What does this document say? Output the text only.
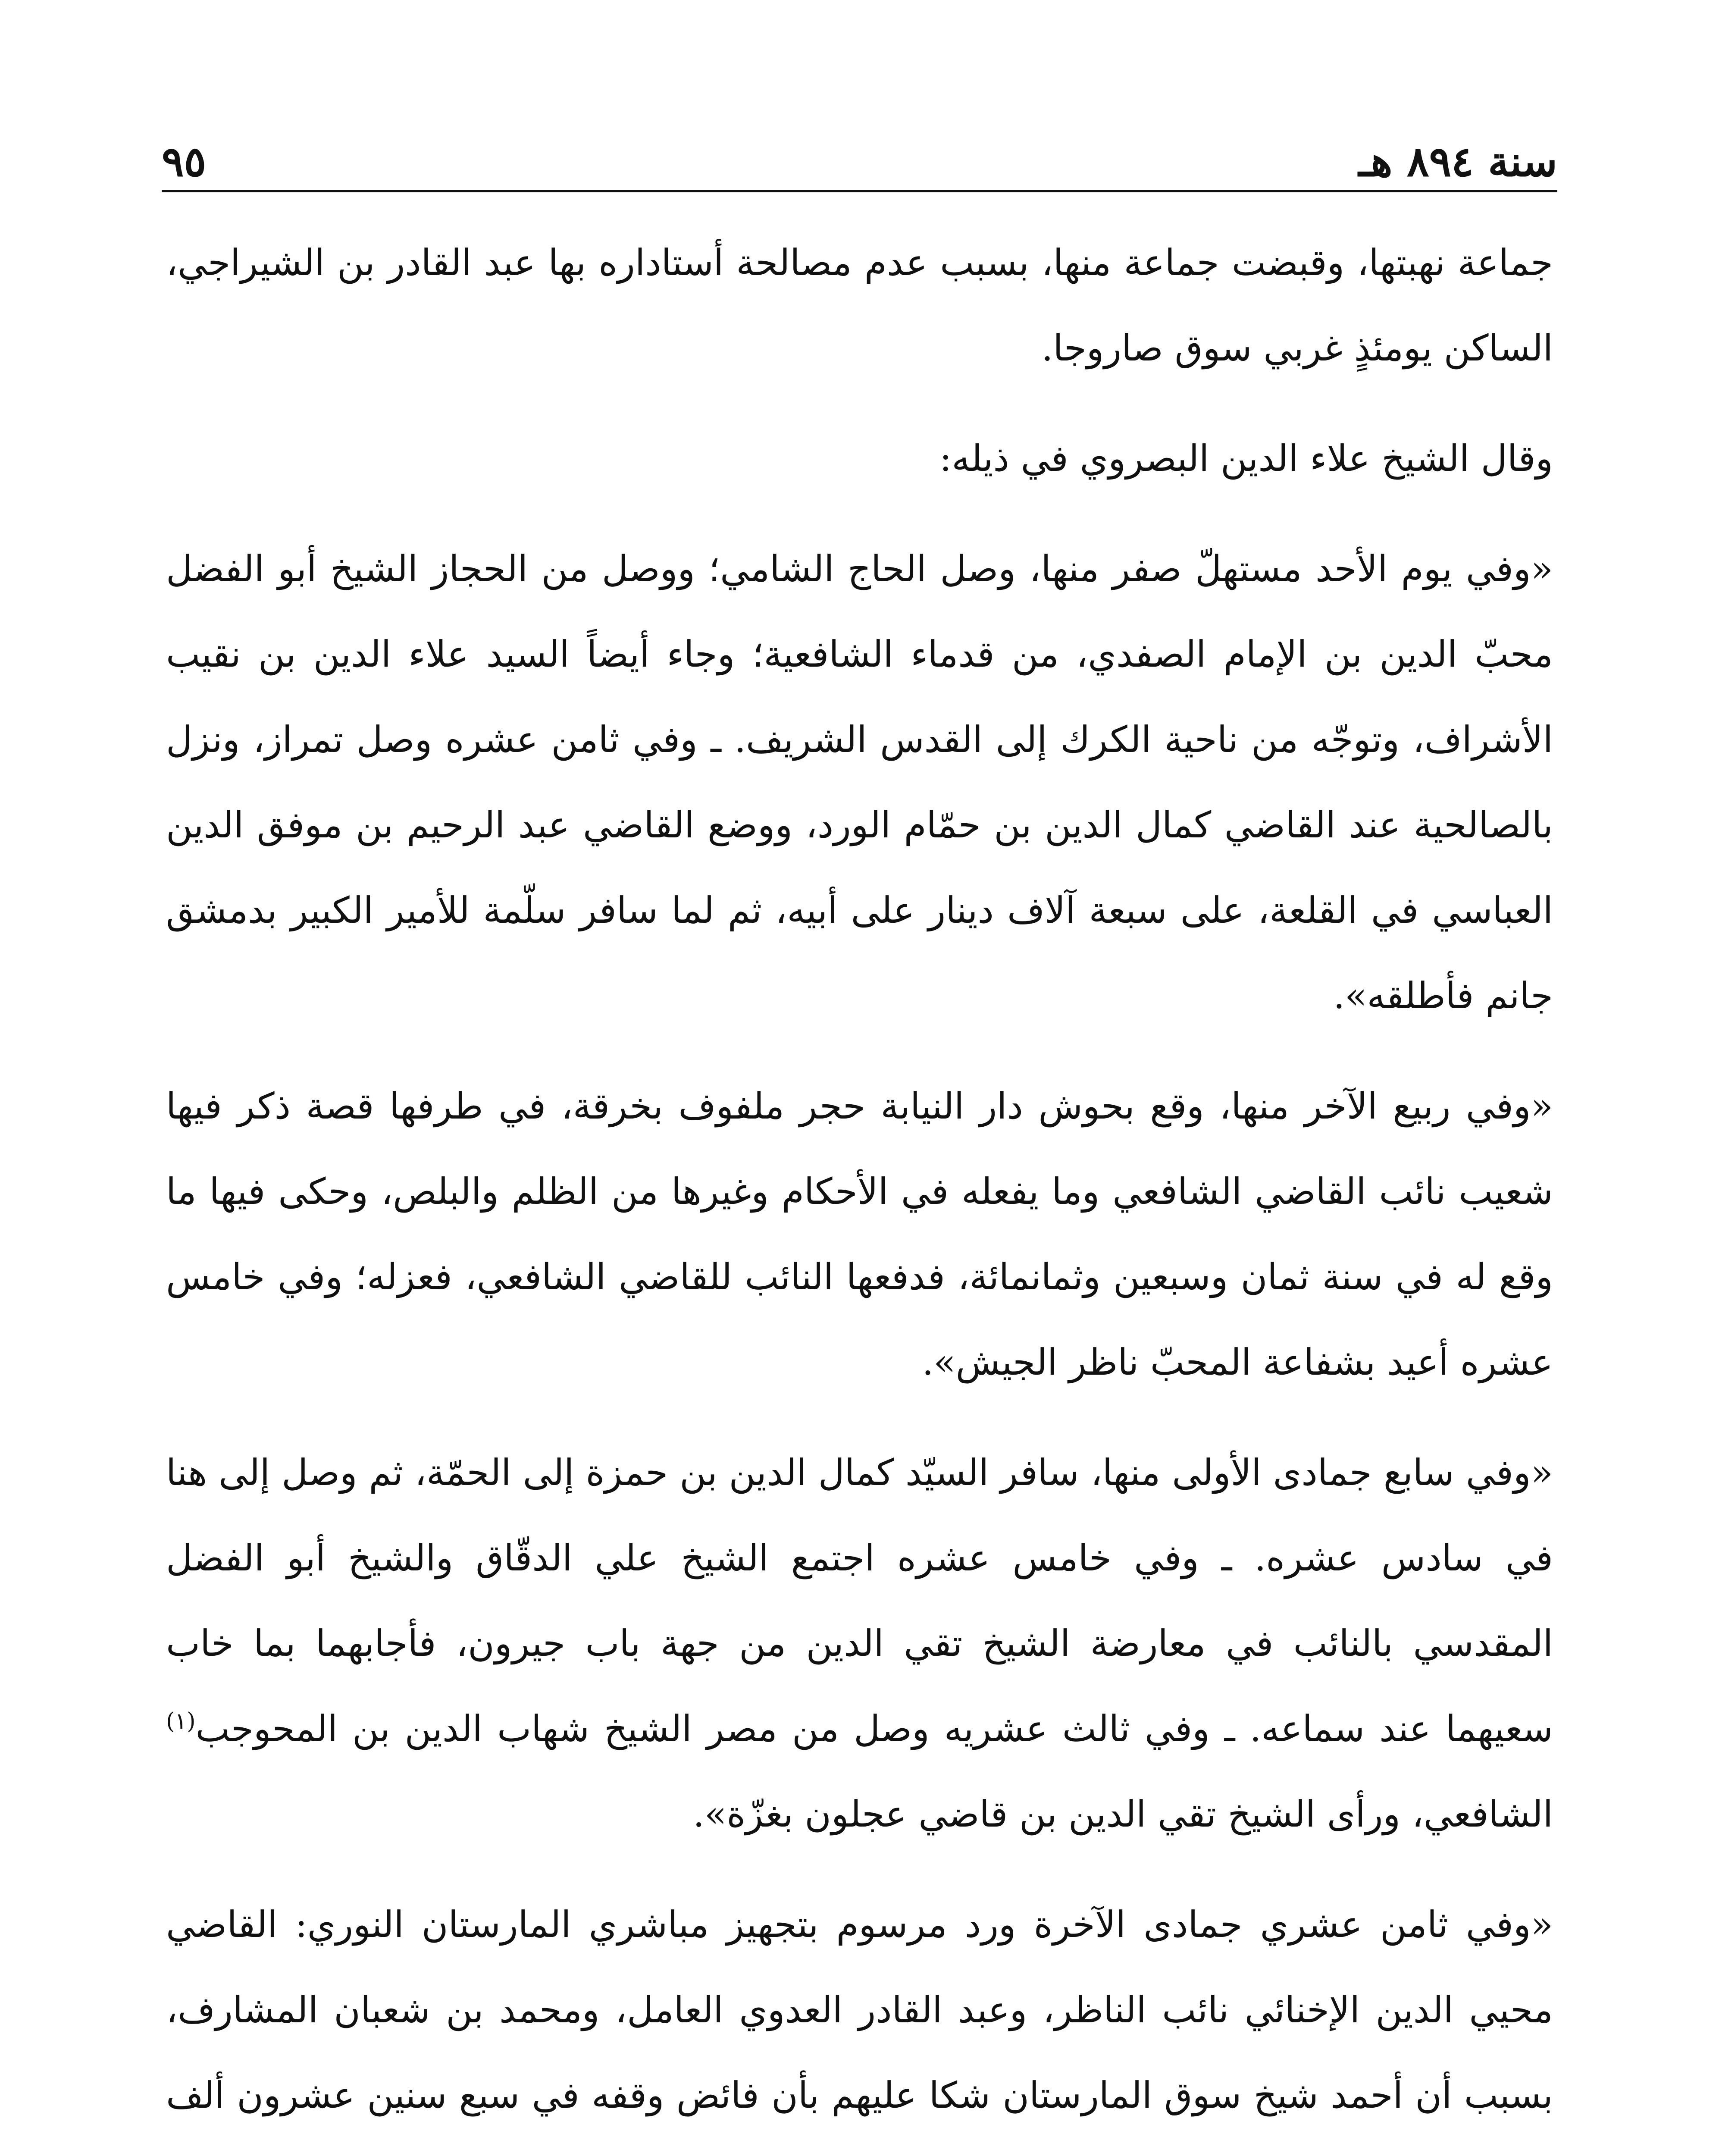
سنة ٨٩٤ هـ
٩٥

جماعة نهبتها، وقبضت جماعة منها، بسبب عدم مصالحة أستاداره بها عبد القادر بن الشيراجي، الساكن يومئذٍ غربي سوق صاروجا.

وقال الشيخ علاء الدين البصروي في ذيله:

«وفي يوم الأحد مستهلّ صفر منها، وصل الحاج الشامي؛ ووصل من الحجاز الشيخ أبو الفضل محبّ الدين بن الإمام الصفدي، من قدماء الشافعية؛ وجاء أيضاً السيد علاء الدين بن نقيب الأشراف، وتوجّه من ناحية الكرك إلى القدس الشريف. ـ وفي ثامن عشره وصل تمراز، ونزل بالصالحية عند القاضي كمال الدين بن حمّام الورد، ووضع القاضي عبد الرحيم بن موفق الدين العباسي في القلعة، على سبعة آلاف دينار على أبيه، ثم لما سافر سلّمة للأمير الكبير بدمشق جانم فأطلقه».

«وفي ربيع الآخر منها، وقع بحوش دار النيابة حجر ملفوف بخرقة، في طرفها قصة ذكر فيها شعيب نائب القاضي الشافعي وما يفعله في الأحكام وغيرها من الظلم والبلص، وحكى فيها ما وقع له في سنة ثمان وسبعين وثمانمائة، فدفعها النائب للقاضي الشافعي، فعزله؛ وفي خامس عشره أعيد بشفاعة المحبّ ناظر الجيش».

«وفي سابع جمادى الأولى منها، سافر السيّد كمال الدين بن حمزة إلى الحمّة، ثم وصل إلى هنا في سادس عشره. ـ وفي خامس عشره اجتمع الشيخ علي الدقّاق والشيخ أبو الفضل المقدسي بالنائب في معارضة الشيخ تقي الدين من جهة باب جيرون، فأجابهما بما خاب سعيهما عند سماعه. ـ وفي ثالث عشريه وصل من مصر الشيخ شهاب الدين بن المحوجب$^{(١)}$ الشافعي، ورأى الشيخ تقي الدين بن قاضي عجلون بغزّة».

«وفي ثامن عشري جمادى الآخرة ورد مرسوم بتجهيز مباشري المارستان النوري: القاضي محيي الدين الإخنائي نائب الناظر، وعبد القادر العدوي العامل، ومحمد بن شعبان المشارف، بسبب أن أحمد شيخ سوق المارستان شكا عليهم بأن فائض وقفه في سبع سنين عشرون ألف
